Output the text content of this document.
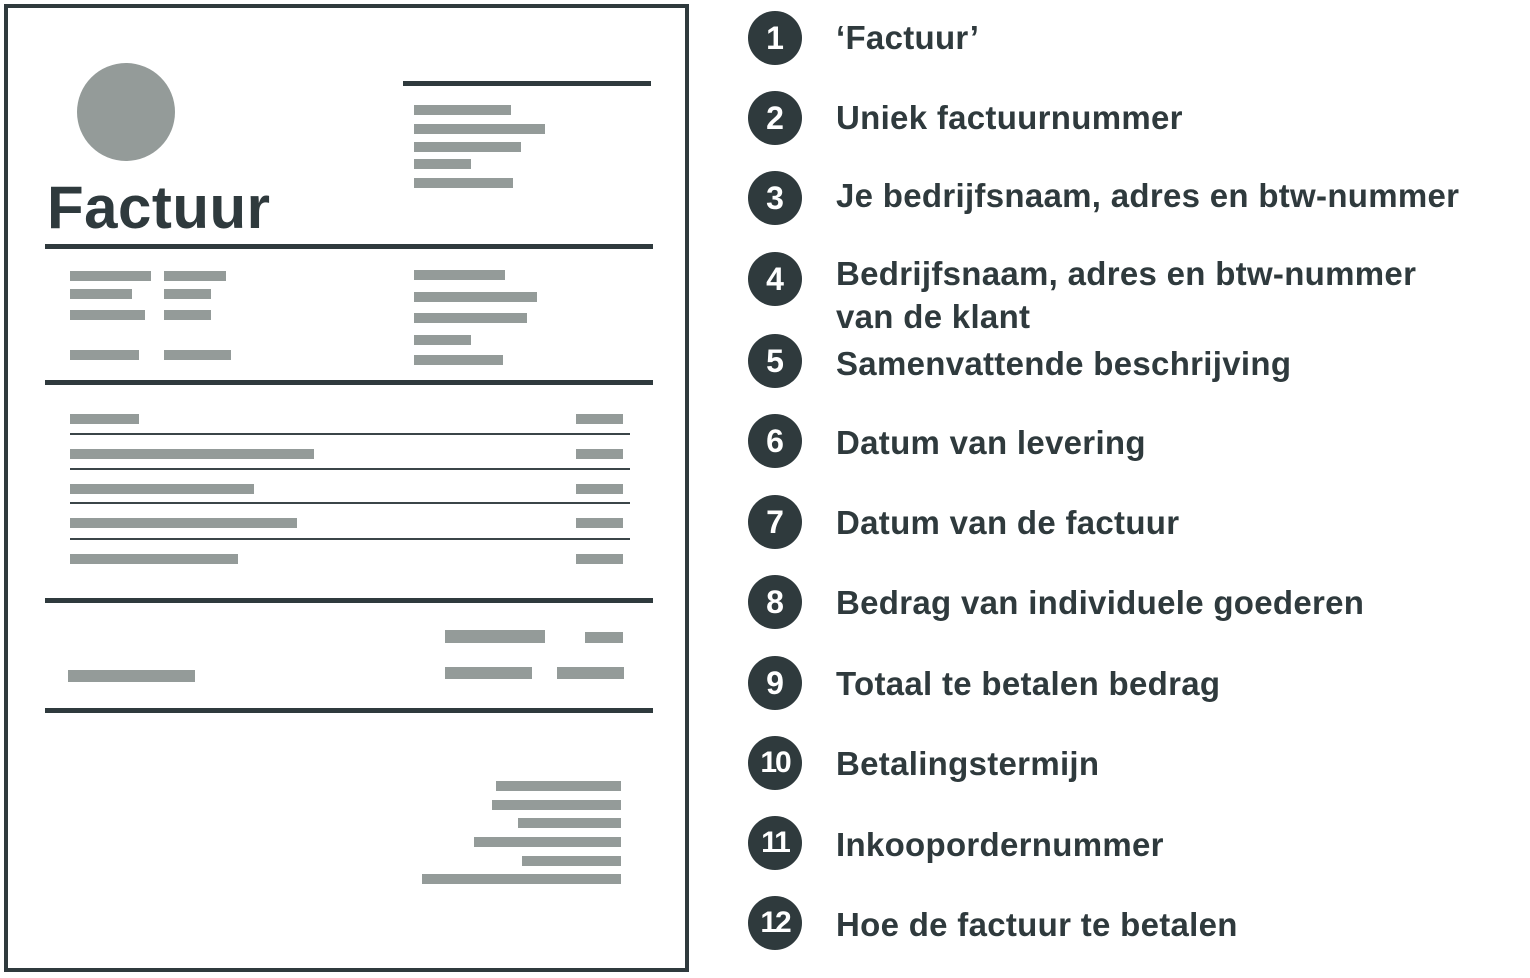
Factuur
1	‘Factuur’
2	Uniek factuurnummer
3	Je bedrijfsnaam, adres en btw-nummer
4	Bedrijfsnaam, adres en btw-nummer van de klant
5	Samenvattende beschrijving
6	Datum van levering
7	Datum van de factuur
8	Bedrag van individuele goederen
9	Totaal te betalen bedrag
10	Betalingstermijn
11	Inkoopordernummer
12	Hoe de factuur te betalen
